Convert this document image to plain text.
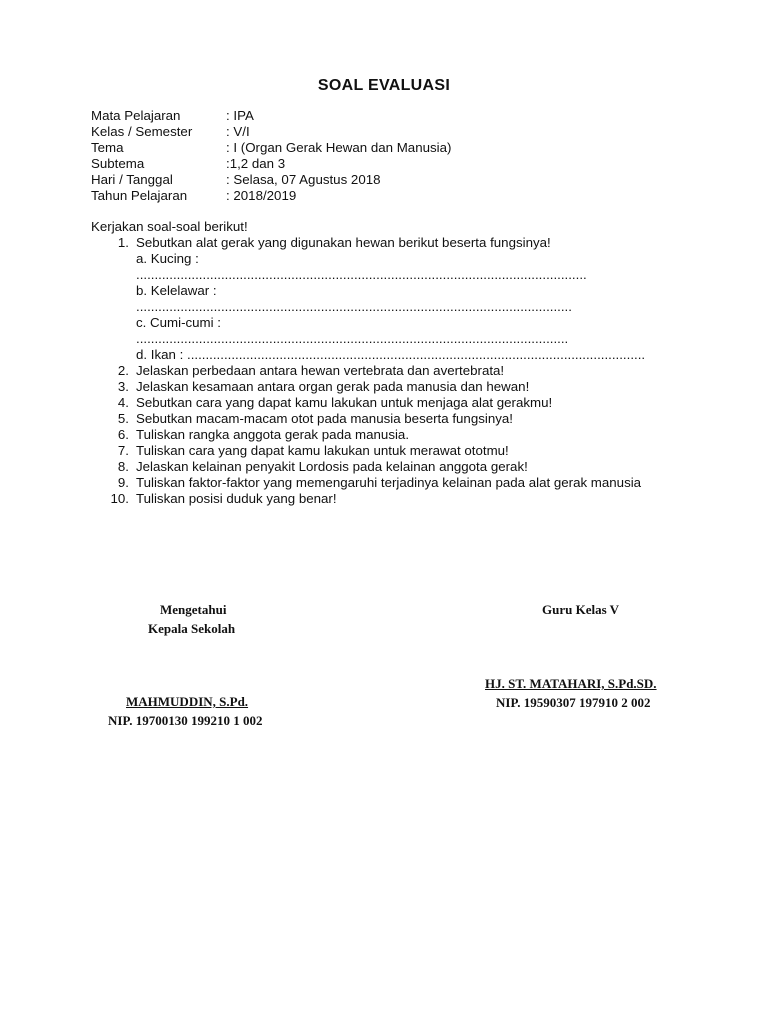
SOAL EVALUASI
Mata Pelajaran	: IPA
Kelas / Semester	: V/I
Tema	: I (Organ Gerak Hewan dan Manusia)
Subtema	:1,2 dan 3
Hari / Tanggal	: Selasa, 07 Agustus 2018
Tahun Pelajaran	: 2018/2019
Kerjakan soal-soal berikut!
1. Sebutkan alat gerak yang digunakan hewan berikut beserta fungsinya!
a. Kucing :
..........................................................................................................................
b. Kelelawar :
......................................................................................................................
c. Cumi-cumi :
.....................................................................................................................
d. Ikan : ............................................................................................................................
2. Jelaskan perbedaan antara hewan vertebrata dan avertebrata!
3. Jelaskan kesamaan antara organ gerak pada manusia dan hewan!
4. Sebutkan cara yang dapat kamu lakukan untuk menjaga alat gerakmu!
5. Sebutkan macam-macam otot pada manusia beserta fungsinya!
6. Tuliskan rangka anggota gerak pada manusia.
7. Tuliskan cara yang dapat kamu lakukan untuk merawat ototmu!
8. Jelaskan kelainan penyakit Lordosis pada kelainan anggota gerak!
9. Tuliskan faktor-faktor yang memengaruhi terjadinya kelainan pada alat gerak manusia
10. Tuliskan posisi duduk yang benar!
Mengetahui
Kepala Sekolah
MAHMUDDIN, S.Pd.
NIP. 19700130 199210 1 002
Guru Kelas V
HJ. ST. MATAHARI, S.Pd.SD.
NIP. 19590307 197910 2 002
